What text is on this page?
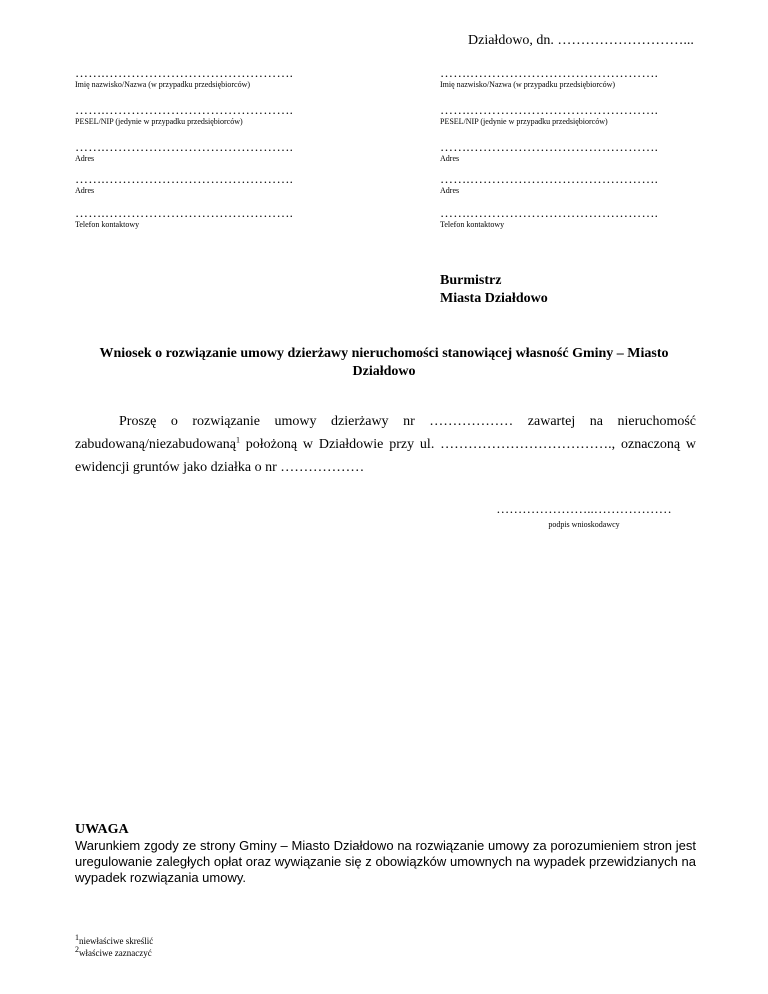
Działdowo, dn. ………………………...
…….…………………………………….
Imię nazwisko/Nazwa (w przypadku przedsiębiorców)
…….…………………………………….
PESEL/NIP (jedynie w przypadku przedsiębiorców)
…….…………………………………….
Adres
…….…………………………………….
Adres
…….…………………………………….
Telefon kontaktowy
…….…………………………………….
Imię nazwisko/Nazwa (w przypadku przedsiębiorców)
…….…………………………………….
PESEL/NIP (jedynie w przypadku przedsiębiorców)
…….…………………………………….
Adres
…….…………………………………….
Adres
…….…………………………………….
Telefon kontaktowy
Burmistrz
Miasta Działdowo
Wniosek o rozwiązanie umowy dzierżawy nieruchomości stanowiącej własność Gminy – Miasto Działdowo

Proszę o rozwiązanie umowy dzierżawy nr ……………… zawartej na nieruchomość zabudowaną/niezabudowaną$^1$ położoną w Działdowie przy ul. ………………………………., oznaczoną w ewidencji gruntów jako działka o nr ………………

…………………..………………
podpis wnioskodawcy
UWAGA
Warunkiem zgody ze strony Gminy – Miasto Działdowo na rozwiązanie umowy za porozumieniem stron jest uregulowanie zaległych opłat oraz wywiązanie się z obowiązków umownych na wypadek przewidzianych na wypadek rozwiązania umowy.
$^1$niewłaściwe skreślić
$^2$właściwe zaznaczyć
